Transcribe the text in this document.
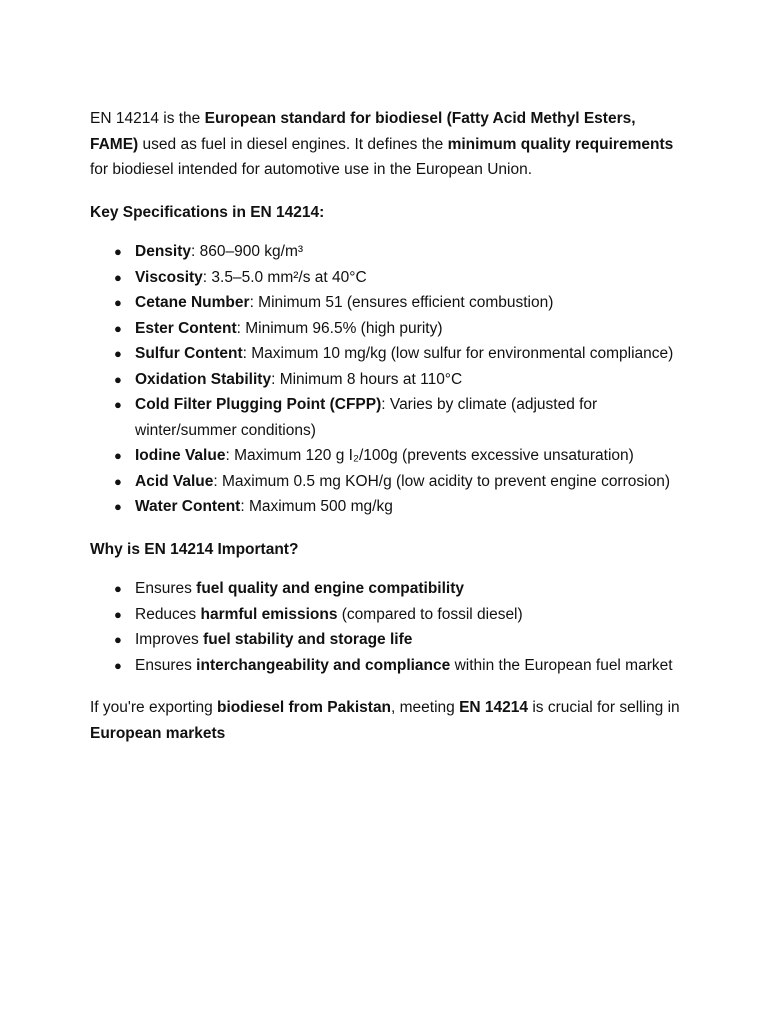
EN 14214 is the European standard for biodiesel (Fatty Acid Methyl Esters, FAME) used as fuel in diesel engines. It defines the minimum quality requirements for biodiesel intended for automotive use in the European Union.

Key Specifications in EN 14214:

● Density: 860–900 kg/m³
● Viscosity: 3.5–5.0 mm²/s at 40°C
● Cetane Number: Minimum 51 (ensures efficient combustion)
● Ester Content: Minimum 96.5% (high purity)
● Sulfur Content: Maximum 10 mg/kg (low sulfur for environmental compliance)
● Oxidation Stability: Minimum 8 hours at 110°C
● Cold Filter Plugging Point (CFPP): Varies by climate (adjusted for winter/summer conditions)
● Iodine Value: Maximum 120 g I₂/100g (prevents excessive unsaturation)
● Acid Value: Maximum 0.5 mg KOH/g (low acidity to prevent engine corrosion)
● Water Content: Maximum 500 mg/kg

Why is EN 14214 Important?

● Ensures fuel quality and engine compatibility
● Reduces harmful emissions (compared to fossil diesel)
● Improves fuel stability and storage life
● Ensures interchangeability and compliance within the European fuel market

If you're exporting biodiesel from Pakistan, meeting EN 14214 is crucial for selling in European markets
